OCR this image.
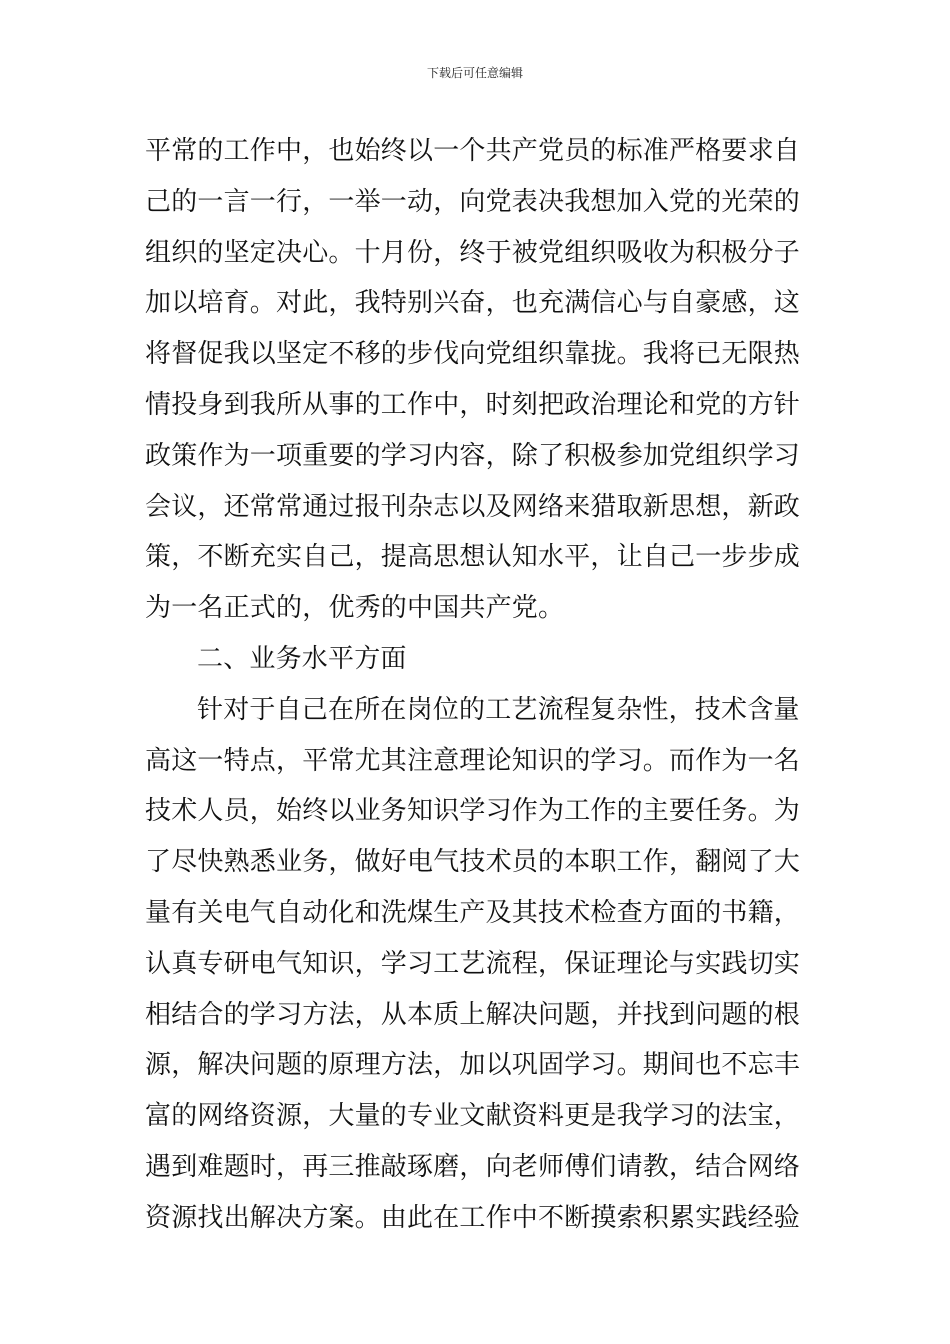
下载后可任意编辑
平常的工作中，也始终以一个共产党员的标准严格要求自
己的一言一行，一举一动，向党表决我想加入党的光荣的
组织的坚定决心。十月份，终于被党组织吸收为积极分子
加以培育。对此，我特别兴奋，也充满信心与自豪感，这
将督促我以坚定不移的步伐向党组织靠拢。我将已无限热
情投身到我所从事的工作中，时刻把政治理论和党的方针
政策作为一项重要的学习内容，除了积极参加党组织学习
会议，还常常通过报刊杂志以及网络来猎取新思想，新政
策，不断充实自己，提高思想认知水平，让自己一步步成
为一名正式的，优秀的中国共产党。
二、业务水平方面
针对于自己在所在岗位的工艺流程复杂性，技术含量
高这一特点，平常尤其注意理论知识的学习。而作为一名
技术人员，始终以业务知识学习作为工作的主要任务。为
了尽快熟悉业务，做好电气技术员的本职工作，翻阅了大
量有关电气自动化和洗煤生产及其技术检查方面的书籍，
认真专研电气知识，学习工艺流程，保证理论与实践切实
相结合的学习方法，从本质上解决问题，并找到问题的根
源，解决问题的原理方法，加以巩固学习。期间也不忘丰
富的网络资源，大量的专业文献资料更是我学习的法宝，
遇到难题时，再三推敲琢磨，向老师傅们请教，结合网络
资源找出解决方案。由此在工作中不断摸索积累实践经验
